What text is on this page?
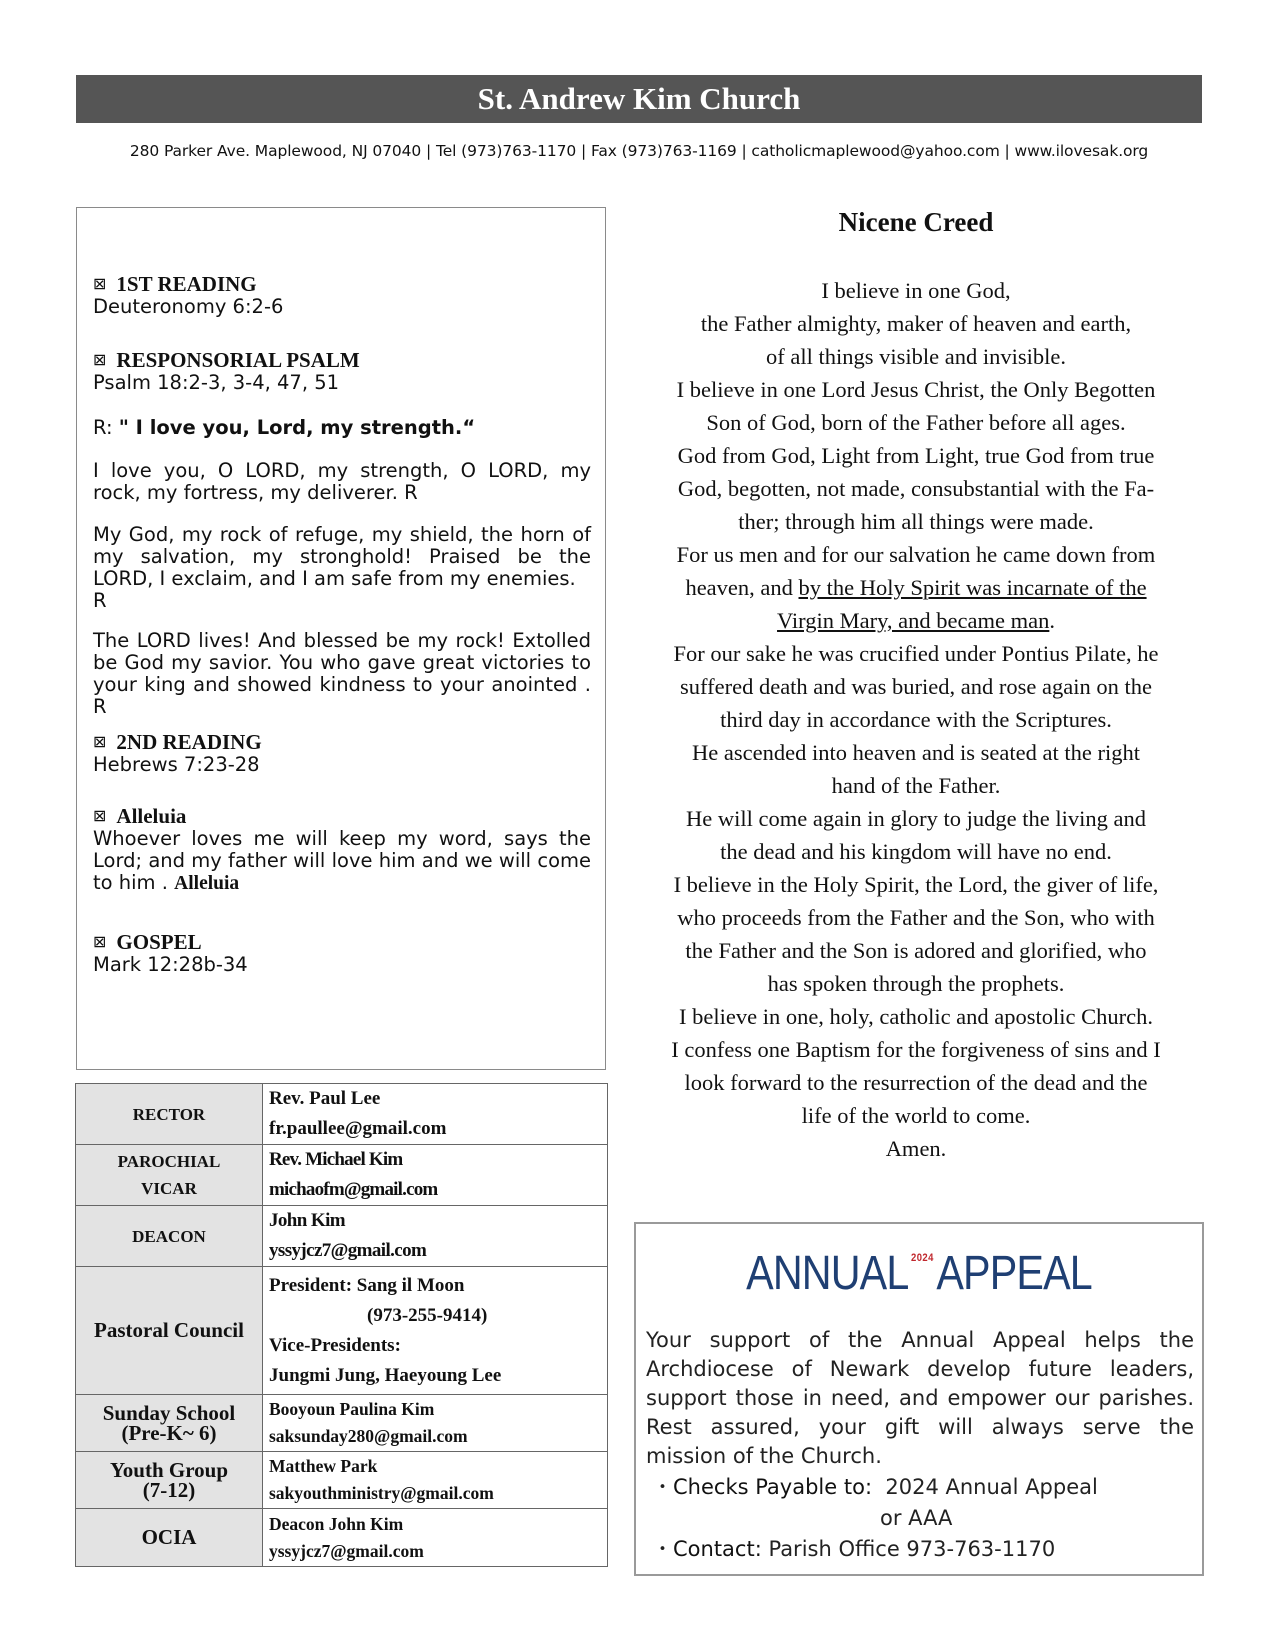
St. Andrew Kim Church
280 Parker Ave. Maplewood, NJ 07040 | Tel (973)763-1170 | Fax (973)763-1169 | catholicmaplewood@yahoo.com | www.ilovesak.org
⊠ 1ST READING
Deuteronomy 6:2-6
⊠ RESPONSORIAL PSALM
Psalm 18:2-3, 3-4, 47, 51
R: " I love you, Lord, my strength.“
I love you, O LORD, my strength, O LORD, my rock, my fortress, my deliverer. R
My God, my rock of refuge, my shield, the horn of my salvation, my stronghold! Praised be the LORD, I exclaim, and I am safe from my enemies.
R
The LORD lives! And blessed be my rock! Extolled be God my savior. You who gave great victories to your king and showed kindness to your anointed . R
⊠ 2ND READING
Hebrews 7:23-28
⊠ Alleluia
Whoever loves me will keep my word, says the Lord; and my father will love him and we will come to him . Alleluia
⊠ GOSPEL
Mark 12:28b-34
RECTOR	Rev. Paul Lee
fr.paullee@gmail.com
PAROCHIAL
VICAR	Rev. Michael Kim
michaofm@gmail.com
DEACON	John Kim
yssyjcz7@gmail.com
Pastoral Council	President: Sang il Moon
(973-255-9414)
Vice-Presidents:
Jungmi Jung, Haeyoung Lee
Sunday School
(Pre-K~ 6)	Booyoun Paulina Kim
saksunday280@gmail.com
Youth Group
(7-12)	Matthew Park
sakyouthministry@gmail.com
OCIA	Deacon John Kim
yssyjcz7@gmail.com
Nicene Creed
I believe in one God,
the Father almighty, maker of heaven and earth,
of all things visible and invisible.
I believe in one Lord Jesus Christ, the Only Begotten
Son of God, born of the Father before all ages.
God from God, Light from Light, true God from true
God, begotten, not made, consubstantial with the Fa-
ther; through him all things were made.
For us men and for our salvation he came down from
heaven, and by the Holy Spirit was incarnate of the
Virgin Mary, and became man.
For our sake he was crucified under Pontius Pilate, he
suffered death and was buried, and rose again on the
third day in accordance with the Scriptures.
He ascended into heaven and is seated at the right
hand of the Father.
He will come again in glory to judge the living and
the dead and his kingdom will have no end.
I believe in the Holy Spirit, the Lord, the giver of life,
who proceeds from the Father and the Son, who with
the Father and the Son is adored and glorified, who
has spoken through the prophets.
I believe in one, holy, catholic and apostolic Church.
I confess one Baptism for the forgiveness of sins and I
look forward to the resurrection of the dead and the
life of the world to come.
Amen.
ANNUAL 2024 APPEAL
Your support of the Annual Appeal helps the Archdiocese of Newark develop future leaders, support those in need, and empower our parishes. Rest assured, your gift will always serve the mission of the Church.
・Checks Payable to: 2024 Annual Appeal
or AAA
・Contact: Parish Office 973-763-1170
